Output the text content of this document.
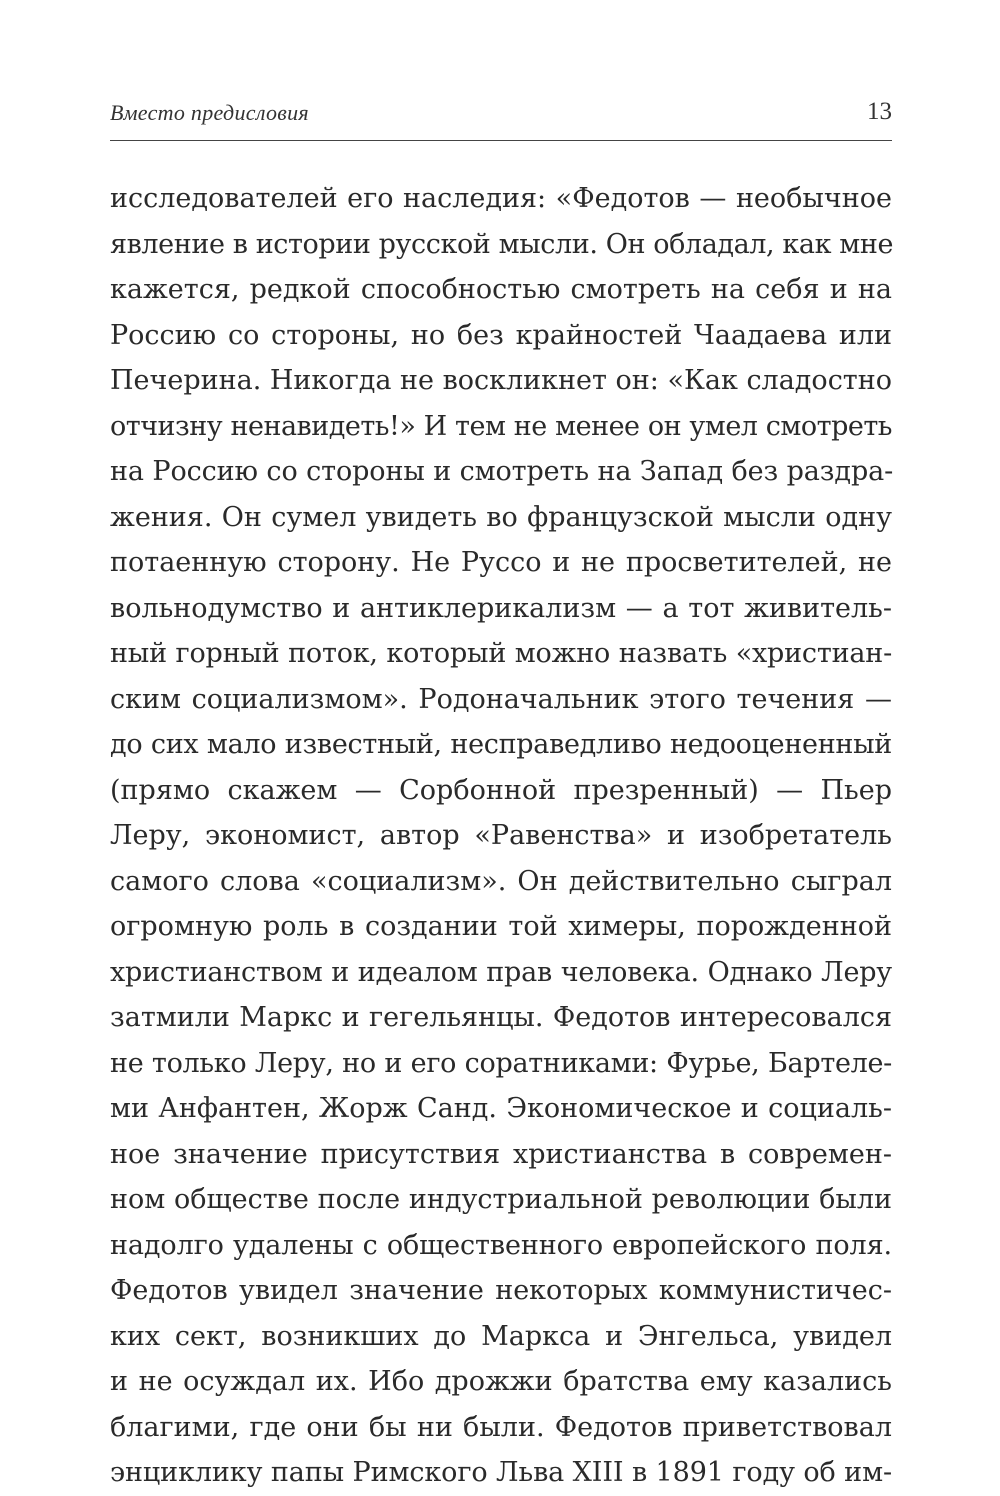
Вместо предисловия	13
исследователей его наследия: «Федотов — необычное
явление в истории русской мысли. Он обладал, как мне
кажется, редкой способностью смотреть на себя и на
Россию со стороны, но без крайностей Чаадаева или
Печерина. Никогда не воскликнет он: «Как сладостно
отчизну ненавидеть!» И тем не менее он умел смотреть
на Россию со стороны и смотреть на Запад без раздра-
жения. Он сумел увидеть во французской мысли одну
потаенную сторону. Не Руссо и не просветителей, не
вольнодумство и антиклерикализм — а тот живитель-
ный горный поток, который можно назвать «христиан-
ским социализмом». Родоначальник этого течения —
до сих мало известный, несправедливо недооцененный
(прямо скажем — Сорбонной презренный) — Пьер
Леру, экономист, автор «Равенства» и изобретатель
самого слова «социализм». Он действительно сыграл
огромную роль в создании той химеры, порожденной
христианством и идеалом прав человека. Однако Леру
затмили Маркс и гегельянцы. Федотов интересовался
не только Леру, но и его соратниками: Фурье, Бартеле-
ми Анфантен, Жорж Санд. Экономическое и социаль-
ное значение присутствия христианства в современ-
ном обществе после индустриальной революции были
надолго удалены с общественного европейского поля.
Федотов увидел значение некоторых коммунистичес-
ких сект, возникших до Маркса и Энгельса, увидел
и не осуждал их. Ибо дрожжи братства ему казались
благими, где они бы ни были. Федотов приветствовал
энциклику папы Римского Льва XIII в 1891 году об им-
